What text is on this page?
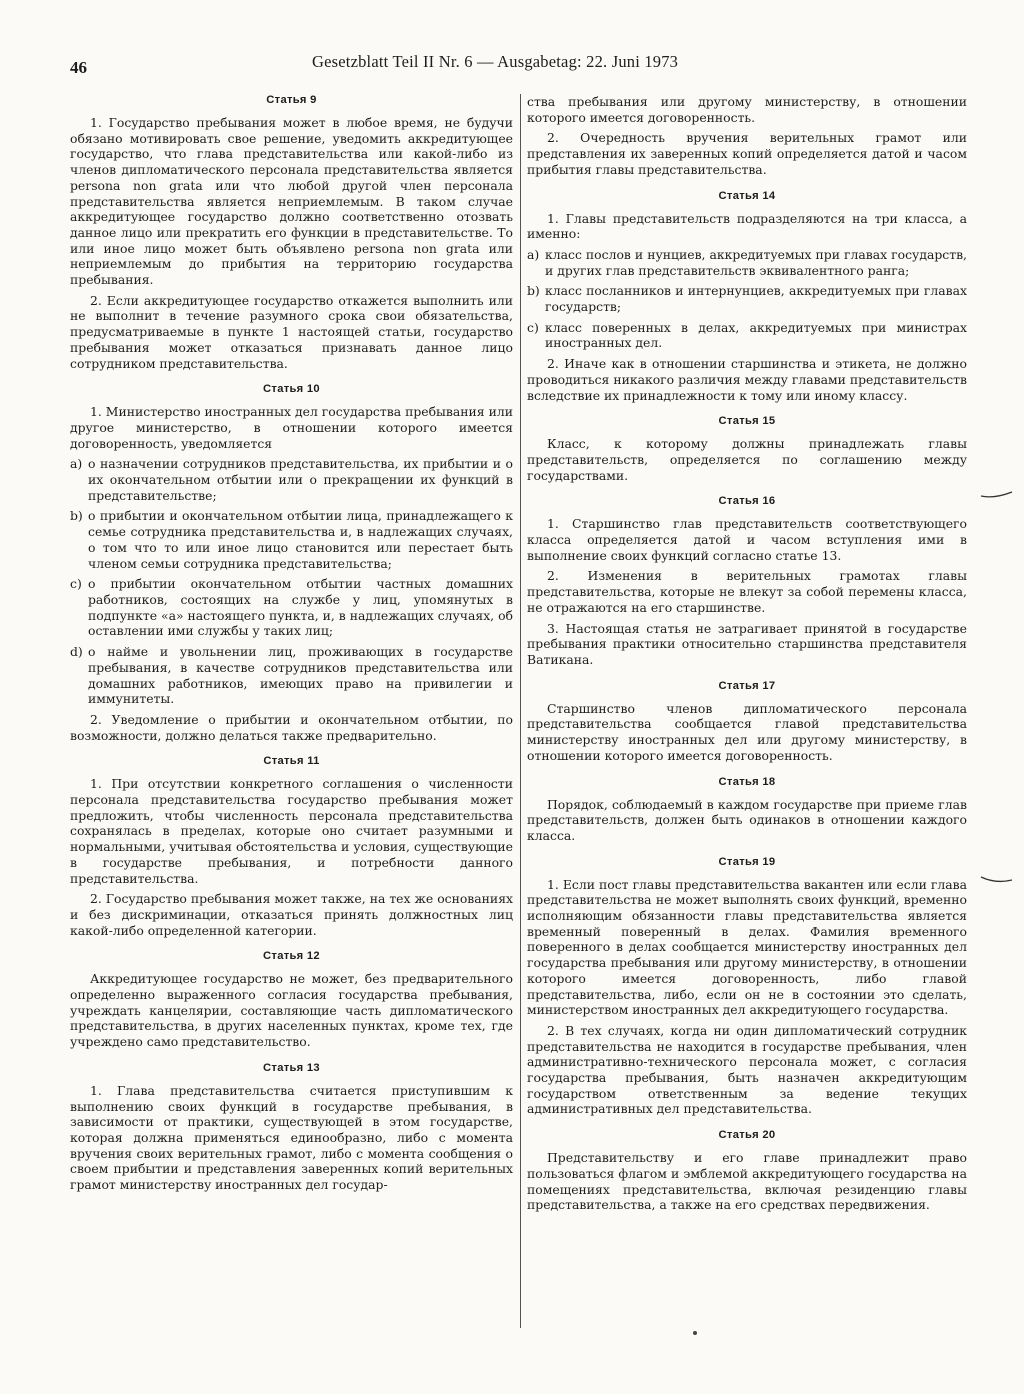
46	Gesetzblatt Teil II Nr. 6 — Ausgabetag: 22. Juni 1973
Статья 9

1. Государство пребывания может в любое время, не будучи обязано мотивировать свое решение, уведомить аккредитующее государство, что глава представительства или какой-либо из членов дипломатического персонала представительства является persona non grata или что любой другой член персонала представительства является неприемлемым. В таком случае аккредитующее государство должно соответственно отозвать данное лицо или прекратить его функции в представительстве. То или иное лицо может быть объявлено persona non grata или неприемлемым до прибытия на территорию государства пребывания.

2. Если аккредитующее государство откажется выполнить или не выполнит в течение разумного срока свои обязательства, предусматриваемые в пункте 1 настоящей статьи, государство пребывания может отказаться признавать данное лицо сотрудником представительства.

Статья 10

1. Министерство иностранных дел государства пребывания или другое министерство, в отношении которого имеется договоренность, уведомляется

a) о назначении сотрудников представительства, их прибытии и о их окончательном отбытии или о прекращении их функций в представительстве;
b) о прибытии и окончательном отбытии лица, принадлежащего к семье сотрудника представительства и, в надлежащих случаях, о том что то или иное лицо становится или перестает быть членом семьи сотрудника представительства;
c) о прибытии окончательном отбытии частных домашних работников, состоящих на службе у лиц, упомянутых в подпункте «a» настоящего пункта, и, в надлежащих случаях, об оставлении ими службы у таких лиц;
d) о найме и увольнении лиц, проживающих в государстве пребывания, в качестве сотрудников представительства или домашних работников, имеющих право на привилегии и иммунитеты.

2. Уведомление о прибытии и окончательном отбытии, по возможности, должно делаться также предварительно.

Статья 11

1. При отсутствии конкретного соглашения о численности персонала представительства государство пребывания может предложить, чтобы численность персонала представительства сохранялась в пределах, которые оно считает разумными и нормальными, учитывая обстоятельства и условия, существующие в государстве пребывания, и потребности данного представительства.

2. Государство пребывания может также, на тех же основаниях и без дискриминации, отказаться принять должностных лиц какой-либо определенной категории.

Статья 12

Аккредитующее государство не может, без предварительного определенно выраженного согласия государства пребывания, учреждать канцелярии, составляющие часть дипломатического представительства, в других населенных пунктах, кроме тех, где учреждено само представительство.

Статья 13

1. Глава представительства считается приступившим к выполнению своих функций в государстве пребывания, в зависимости от практики, существующей в этом государстве, которая должна применяться единообразно, либо с момента вручения своих верительных грамот, либо с момента сообщения о своем прибытии и представления заверенных копий верительных грамот министерству иностранных дел государ-

ства пребывания или другому министерству, в отношении которого имеется договоренность.

2. Очередность вручения верительных грамот или представления их заверенных копий определяется датой и часом прибытия главы представительства.

Статья 14

1. Главы представительств подразделяются на три класса, а именно:

a) класс послов и нунциев, аккредитуемых при главах государств, и других глав представительств эквивалентного ранга;
b) класс посланников и интернунциев, аккредитуемых при главах государств;
c) класс поверенных в делах, аккредитуемых при министрах иностранных дел.

2. Иначе как в отношении старшинства и этикета, не должно проводиться никакого различия между главами представительств вследствие их принадлежности к тому или иному классу.

Статья 15

Класс, к которому должны принадлежать главы представительств, определяется по соглашению между государствами.

Статья 16

1. Старшинство глав представительств соответствующего класса определяется датой и часом вступления ими в выполнение своих функций согласно статье 13.

2. Изменения в верительных грамотах главы представительства, которые не влекут за собой перемены класса, не отражаются на его старшинстве.

3. Настоящая статья не затрагивает принятой в государстве пребывания практики относительно старшинства представителя Ватикана.

Статья 17

Старшинство членов дипломатического персонала представительства сообщается главой представительства министерству иностранных дел или другому министерству, в отношении которого имеется договоренность.

Статья 18

Порядок, соблюдаемый в каждом государстве при приеме глав представительств, должен быть одинаков в отношении каждого класса.

Статья 19

1. Если пост главы представительства вакантен или если глава представительства не может выполнять своих функций, временно исполняющим обязанности главы представительства является временный поверенный в делах. Фамилия временного поверенного в делах сообщается министерству иностранных дел государства пребывания или другому министерству, в отношении которого имеется договоренность, либо главой представительства, либо, если он не в состоянии это сделать, министерством иностранных дел аккредитующего государства.

2. В тех случаях, когда ни один дипломатический сотрудник представительства не находится в государстве пребывания, член административно-технического персонала может, с согласия государства пребывания, быть назначен аккредитующим государством ответственным за ведение текущих административных дел представительства.

Статья 20

Представительству и его главе принадлежит право пользоваться флагом и эмблемой аккредитующего государства на помещениях представительства, включая резиденцию главы представительства, а также на его средствах передвижения.
